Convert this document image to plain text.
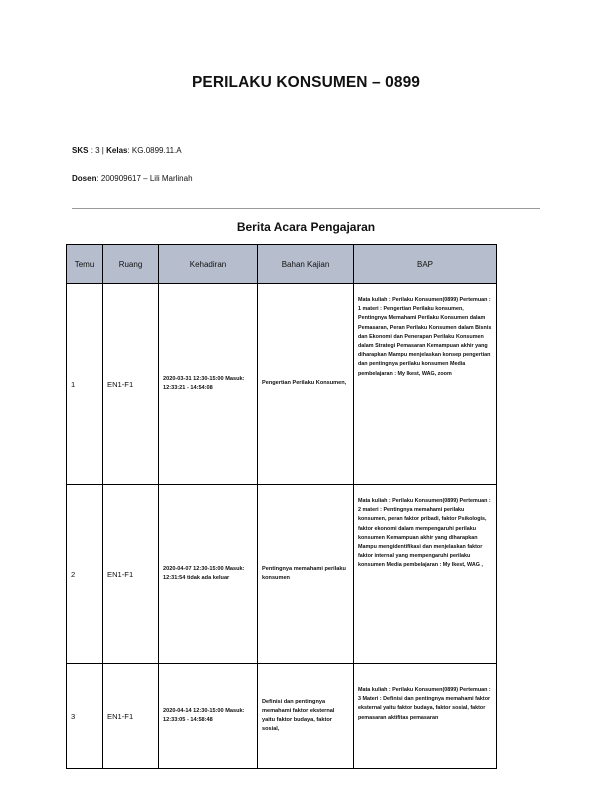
PERILAKU KONSUMEN – 0899
SKS : 3 | Kelas: KG.0899.11.A
Dosen: 200909617 – Lili Marlinah
Berita Acara Pengajaran
Temu	Ruang	Kehadiran	Bahan Kajian	BAP
1	EN1-F1	2020-03-31 12:30-15:00 Masuk: 12:33:21 - 14:54:08	Pengertian Perilaku Konsumen,	Mata kuliah : Perilaku Konsumen(0899) Pertemuan : 1 materi : Pengertian Perilaku konsumen, Pentingnya Memahami Perilaku Konsumen dalam Pemasaran, Peran Perilaku Konsumen dalam Bisnis dan Ekonomi dan Penerapan Perilaku Konsumen dalam Strategi Pemasaran Kemampuan akhir yang diharapkan Mampu menjelaskan konsep pengertian dan pentingnya perilaku konsumen Media pembelajaran : My Ikest, WAG, zoom
2	EN1-F1	2020-04-07 12:30-15:00 Masuk: 12:31:54 tidak ada keluar	Pentingnya memahami perilaku konsumen	Mata kuliah : Perilaku Konsumen(0899) Pertemuan : 2 materi : Pentingnya memahami perilaku konsumen, peran faktor pribadi, faktor Psikologis, faktor ekonomi dalam mempengaruhi perilaku konsumen Kemampuan akhir yang diharapkan Mampu mengidentifikasi dan menjelaskan faktor faktor internal yang mempengaruhi perilaku konsumen Media pembelajaran : My Ikest, WAG ,
3	EN1-F1	2020-04-14 12:30-15:00 Masuk: 12:33:05 - 14:58:48	Definisi dan pentingnya memahami faktor eksternal yaitu faktor budaya, faktor sosial,	Mata kuliah : Perilaku Konsumen(0899) Pertemuan : 3 Materi : Definisi dan pentingnya memahami faktor eksternal yaitu faktor budaya, faktor sosial, faktor pemasaran aktifitas pemasaran
